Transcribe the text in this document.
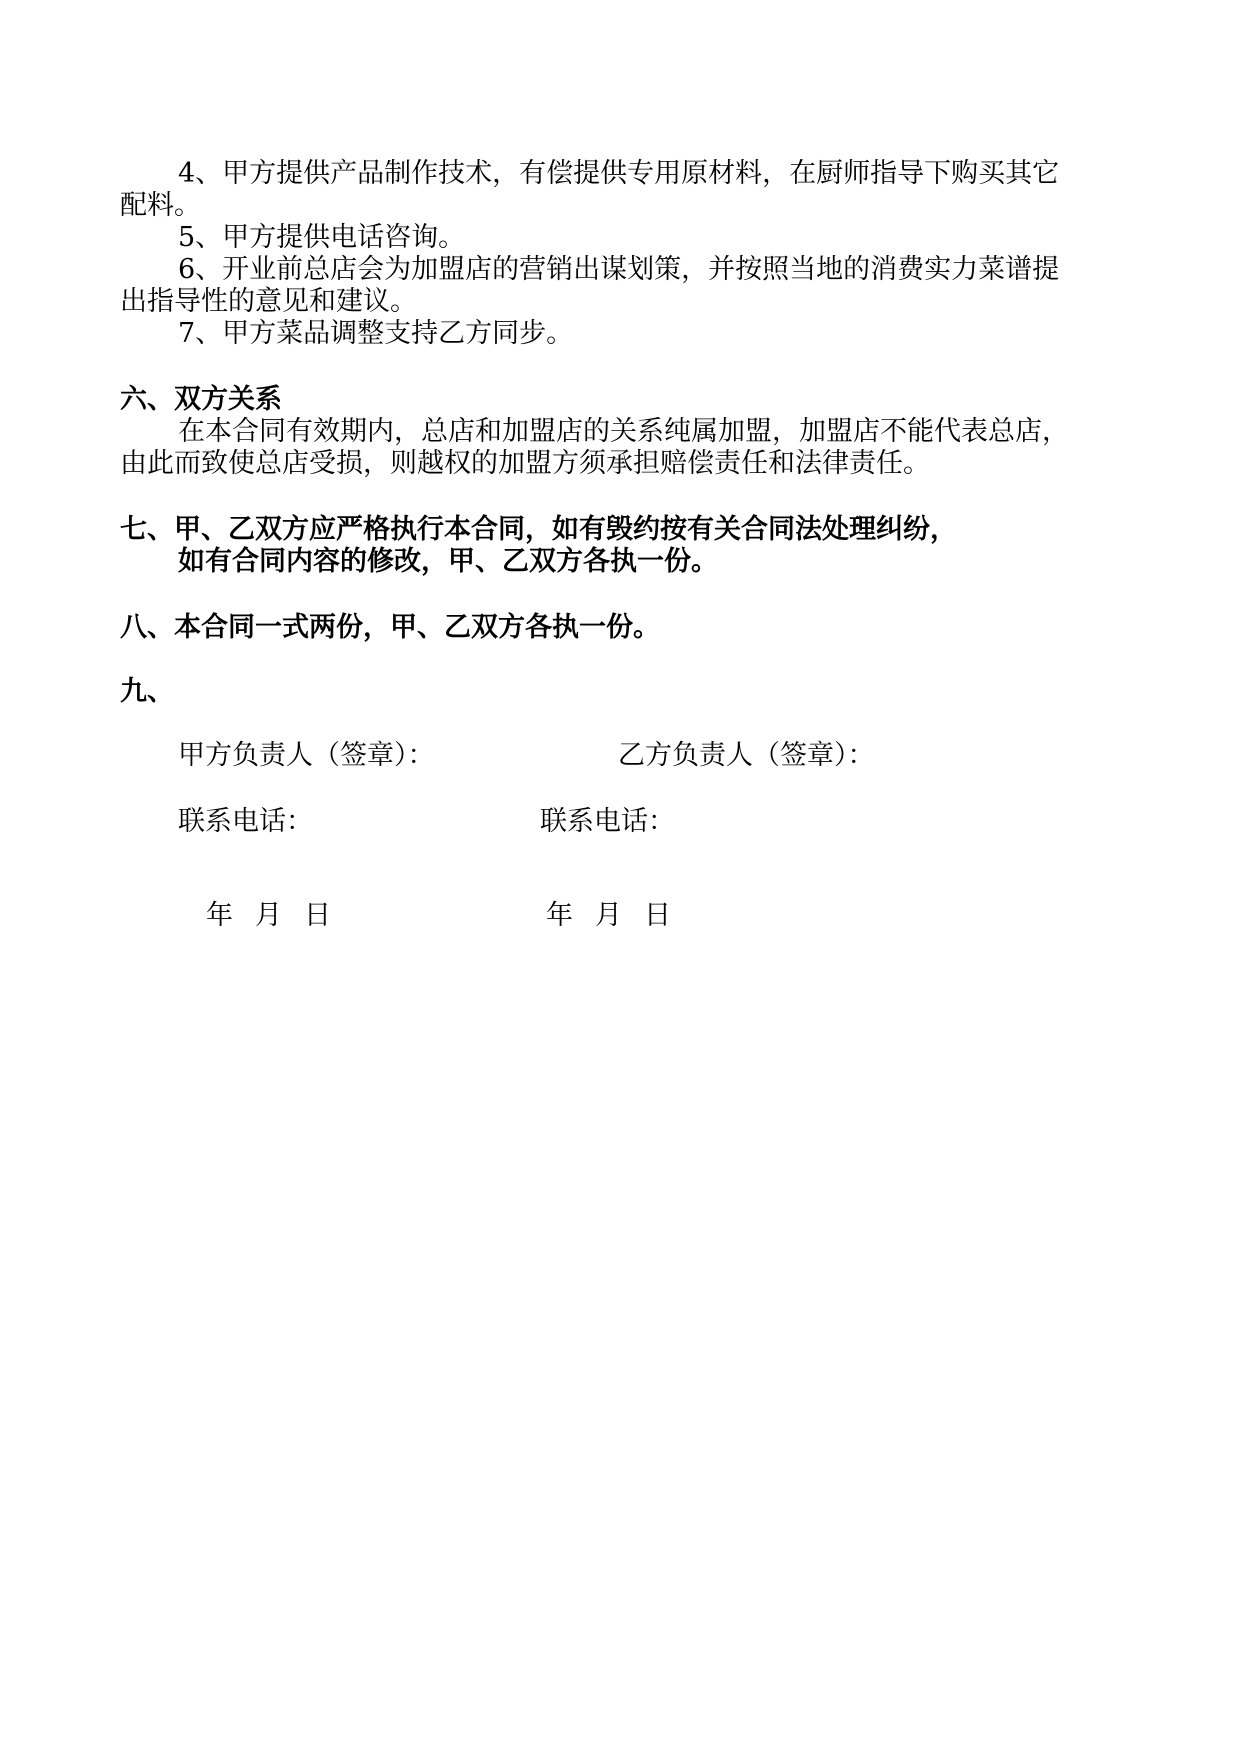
4、甲方提供产品制作技术，有偿提供专用原材料，在厨师指导下购买其它
配料。
5、甲方提供电话咨询。
6、开业前总店会为加盟店的营销出谋划策，并按照当地的消费实力菜谱提
出指导性的意见和建议。
7、甲方菜品调整支持乙方同步。
六、双方关系
在本合同有效期内，总店和加盟店的关系纯属加盟，加盟店不能代表总店，
由此而致使总店受损，则越权的加盟方须承担赔偿责任和法律责任。
七、甲、乙双方应严格执行本合同，如有毁约按有关合同法处理纠纷，
如有合同内容的修改，甲、乙双方各执一份。
八、本合同一式两份，甲、乙双方各执一份。
九、
甲方负责人（签章）：	乙方负责人（签章）：
联系电话：	联系电话：
年 月 日	年 月 日
